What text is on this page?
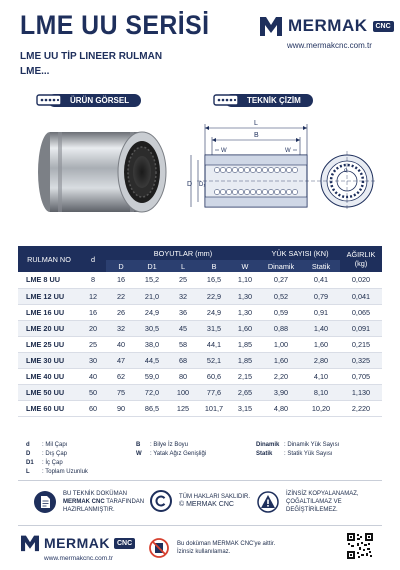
LME UU SERİSİ
LME UU TİP LINEER RULMAN
LME...
MERMAK	CNC
www.mermakcnc.com.tr
ÜRÜN GÖRSEL	TEKNİK ÇİZİM
L
B
W	W
D D₁
d
RULMAN NO	d	BOYUTLAR (mm)					YÜK SAYISI (KN)		AĞIRLIK (kg)
		D	D1	L	B	W	Dinamik	Statik	
LME 8 UU	8	16	15,2	25	16,5	1,10	0,27	0,41	0,020
LME 12 UU	12	22	21,0	32	22,9	1,30	0,52	0,79	0,041
LME 16 UU	16	26	24,9	36	24,9	1,30	0,59	0,91	0,065
LME 20 UU	20	32	30,5	45	31,5	1,60	0,88	1,40	0,091
LME 25 UU	25	40	38,0	58	44,1	1,85	1,00	1,60	0,215
LME 30 UU	30	47	44,5	68	52,1	1,85	1,60	2,80	0,325
LME 40 UU	40	62	59,0	80	60,6	2,15	2,20	4,10	0,705
LME 50 UU	50	75	72,0	100	77,6	2,65	3,90	8,10	1,130
LME 60 UU	60	90	86,5	125	101,7	3,15	4,80	10,20	2,220
d : Mil Çapı
D : Dış Çap
D1 : İç Çap
L : Toplam Uzunluk
B : Bilye İz Boyu
W : Yatak Ağız Genişliği
Dinamik : Dinamik Yük Sayısı
Statik : Statik Yük Sayısı
BU TEKNİK DOKÜMAN
MERMAK CNC TARAFINDAN
HAZIRLANMIŞTIR.
TÜM HAKLARI SAKLIDIR.
© MERMAK CNC
İZİNSİZ KOPYALANAMAZ,
ÇOĞALTILAMAZ VE
DEĞİŞTİRİLEMEZ.
MERMAK	CNC
www.mermakcnc.com.tr
Bu doküman MERMAK CNC'ye aittir.
İzinsiz kullanılamaz.
